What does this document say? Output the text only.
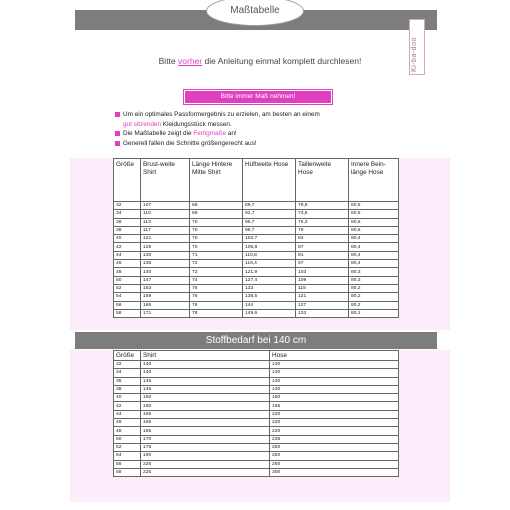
Maßtabelle
Ki-ba-doo
Bitte vorher die Anleitung einmal komplett durchlesen!
Bitte immer Maß nehmen!
Um ein optimales Passformergebnis zu erzielen, am besten an einem
gut sitzenden Kleidungsstück messen.
Die Maßtabelle zeigt die Fertigmaße an!
Generell fallen die Schnitte größengerecht aus!
Größe	Brust-weite Shirt	Länge Hintere Mitte Shirt	Hüftweite Hose	Taillenweite Hose	Innere Bein-länge Hose
32	107	68	89,7	79,9	80,5
34	110	69	92,7	73,6	80,5
36	113	70	95,7	76,3	80,5
38	117	70	98,7	79	80,5
40	121	70	102,7	83	80,4
42	125	70	106,8	87	80,4
44	130	71	110,8	91	80,4
46	135	72	116,4	97	80,4
48	140	73	121,9	103	80,3
50	147	74	127,4	109	80,3
52	153	75	133	115	80,2
54	159	76	138,5	121	80,2
56	165	76	144	127	80,2
58	171	78	149,6	133	80,1
Stoffbedarf bei 140 cm
Größe	Shirt	Hose
32	140	130
34	140	130
36	145	130
38	145	130
40	150	150
42	160	165
44	165	220
46	165	220
48	165	220
50	170	235
52	175	250
54	190	250
56	225	250
58	225	300
